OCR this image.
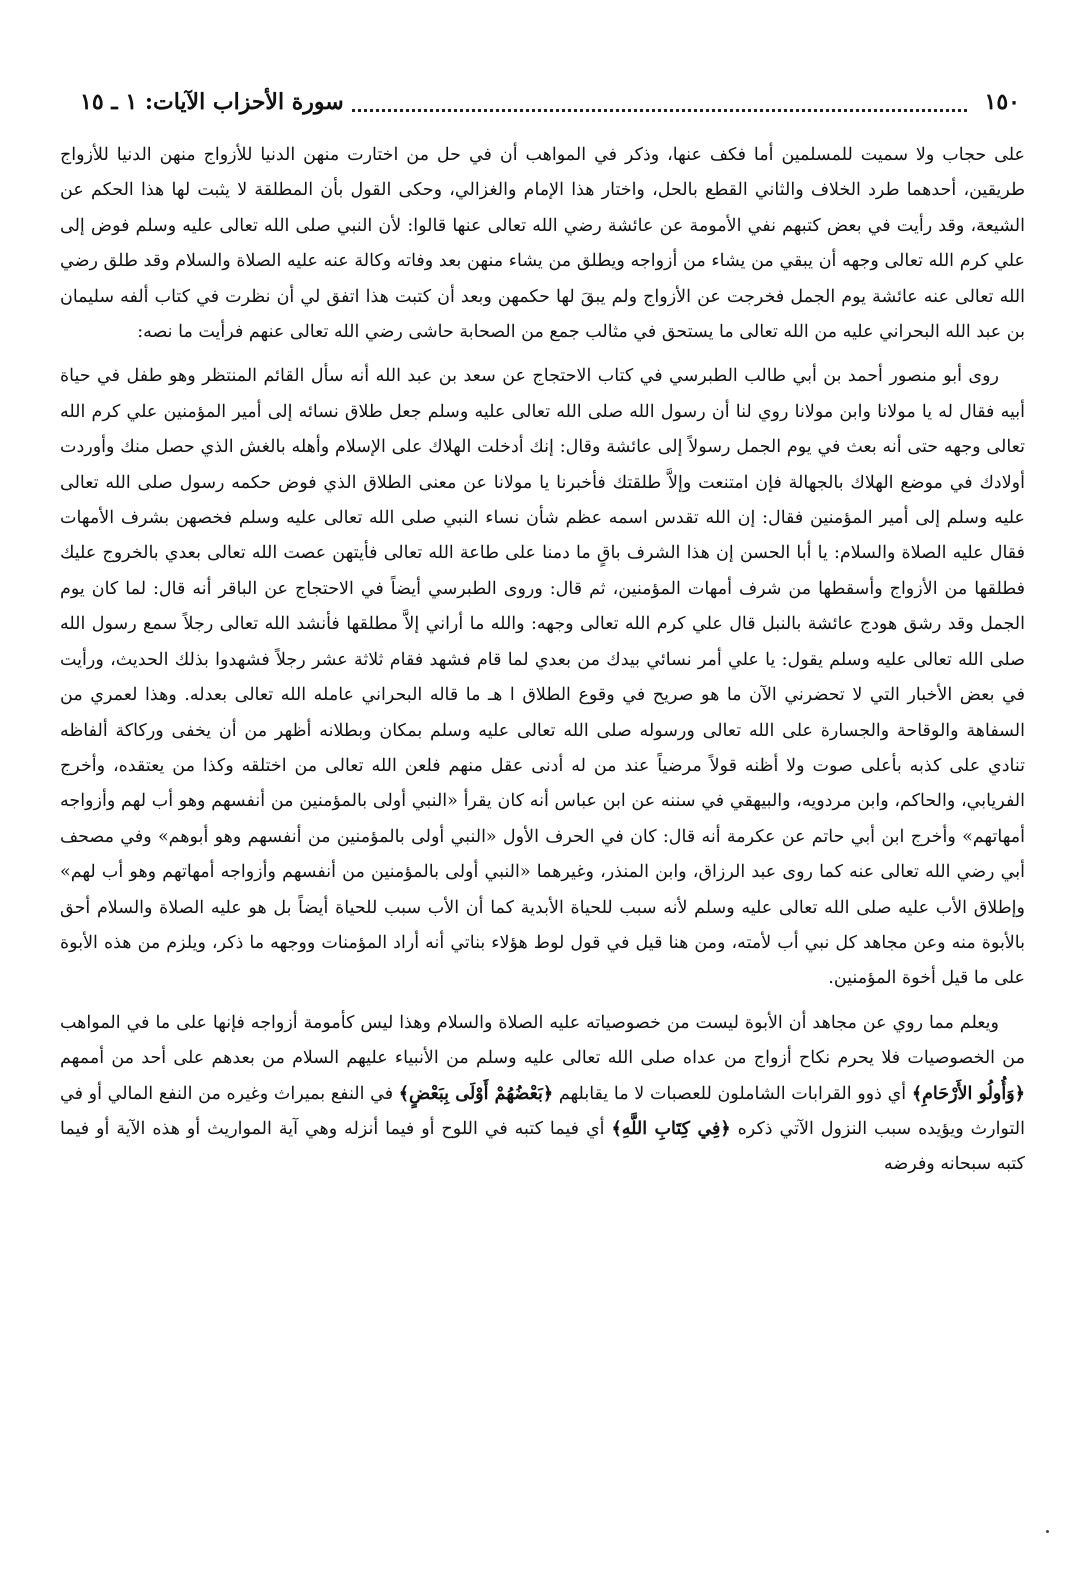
١٥٠
سورة الأحزاب الآيات: ١ ـ ١٥

على حجاب ولا سميت للمسلمين أما فكف عنها، وذكر في المواهب أن في حل من اختارت منهن الدنيا للأزواج منهن الدنيا للأزواج طريقين، أحدهما طرد الخلاف والثاني القطع بالحل، واختار هذا الإمام والغزالي، وحكى القول بأن المطلقة لا يثبت لها هذا الحكم عن الشيعة، وقد رأيت في بعض كتبهم نفي الأمومة عن عائشة رضي الله تعالى عنها قالوا: لأن النبي صلى الله تعالى عليه وسلم فوض إلى علي كرم الله تعالى وجهه أن يبقي من يشاء من أزواجه ويطلق من يشاء منهن بعد وفاته وكالة عنه عليه الصلاة والسلام وقد طلق رضي الله تعالى عنه عائشة يوم الجمل فخرجت عن الأزواج ولم يبقَ لها حكمهن وبعد أن كتبت هذا اتفق لي أن نظرت في كتاب ألفه سليمان بن عبد الله البحراني عليه من الله تعالى ما يستحق في مثالب جمع من الصحابة حاشى رضي الله تعالى عنهم فرأيت ما نصه:

روى أبو منصور أحمد بن أبي طالب الطبرسي في كتاب الاحتجاج عن سعد بن عبد الله أنه سأل القائم المنتظر وهو طفل في حياة أبيه فقال له يا مولانا وابن مولانا روي لنا أن رسول الله صلى الله تعالى عليه وسلم جعل طلاق نسائه إلى أمير المؤمنين علي كرم الله تعالى وجهه حتى أنه بعث في يوم الجمل رسولاً إلى عائشة وقال: إنك أدخلت الهلاك على الإسلام وأهله بالغش الذي حصل منك وأوردت أولادك في موضع الهلاك بالجهالة فإن امتنعت وإلاَّ طلقتك فأخبرنا يا مولانا عن معنى الطلاق الذي فوض حكمه رسول صلى الله تعالى عليه وسلم إلى أمير المؤمنين فقال: إن الله تقدس اسمه عظم شأن نساء النبي صلى الله تعالى عليه وسلم فخصهن بشرف الأمهات فقال عليه الصلاة والسلام: يا أبا الحسن إن هذا الشرف باقٍ ما دمنا على طاعة الله تعالى فأيتهن عصت الله تعالى بعدي بالخروج عليك فطلقها من الأزواج وأسقطها من شرف أمهات المؤمنين، ثم قال: وروى الطبرسي أيضاً في الاحتجاج عن الباقر أنه قال: لما كان يوم الجمل وقد رشق هودج عائشة بالنبل قال علي كرم الله تعالى وجهه: والله ما أراني إلاَّ مطلقها فأنشد الله تعالى رجلاً سمع رسول الله صلى الله تعالى عليه وسلم يقول: يا علي أمر نسائي بيدك من بعدي لما قام فشهد فقام ثلاثة عشر رجلاً فشهدوا بذلك الحديث، ورأيت في بعض الأخبار التي لا تحضرني الآن ما هو صريح في وقوع الطلاق ا هـ ما قاله البحراني عامله الله تعالى بعدله. وهذا لعمري من السفاهة والوقاحة والجسارة على الله تعالى ورسوله صلى الله تعالى عليه وسلم بمكان وبطلانه أظهر من أن يخفى وركاكة ألفاظه تنادي على كذبه بأعلى صوت ولا أظنه قولاً مرضياً عند من له أدنى عقل منهم فلعن الله تعالى من اختلقه وكذا من يعتقده، وأخرج الفريابي، والحاكم، وابن مردويه، والبيهقي في سننه عن ابن عباس أنه كان يقرأ «النبي أولى بالمؤمنين من أنفسهم وهو أب لهم وأزواجه أمهاتهم» وأخرج ابن أبي حاتم عن عكرمة أنه قال: كان في الحرف الأول «النبي أولى بالمؤمنين من أنفسهم وهو أبوهم» وفي مصحف أبي رضي الله تعالى عنه كما روى عبد الرزاق، وابن المنذر، وغيرهما «النبي أولى بالمؤمنين من أنفسهم وأزواجه أمهاتهم وهو أب لهم» وإطلاق الأب عليه صلى الله تعالى عليه وسلم لأنه سبب للحياة الأبدية كما أن الأب سبب للحياة أيضاً بل هو عليه الصلاة والسلام أحق بالأبوة منه وعن مجاهد كل نبي أب لأمته، ومن هنا قيل في قول لوط هؤلاء بناتي أنه أراد المؤمنات ووجهه ما ذكر، ويلزم من هذه الأبوة على ما قيل أخوة المؤمنين.

ويعلم مما روي عن مجاهد أن الأبوة ليست من خصوصياته عليه الصلاة والسلام وهذا ليس كأمومة أزواجه فإنها على ما في المواهب من الخصوصيات فلا يحرم نكاح أزواج من عداه صلى الله تعالى عليه وسلم من الأنبياء عليهم السلام من بعدهم على أحد من أممهم ﴿وَأُولُو الأَرْحَامِ﴾ أي ذوو القرابات الشاملون للعصبات لا ما يقابلهم ﴿بَعْضُهُمْ أَوْلَى بِبَعْضٍ﴾ في النفع بميراث وغيره من النفع المالي أو في التوارث ويؤيده سبب النزول الآتي ذكره ﴿فِي كِتَابِ اللَّهِ﴾ أي فيما كتبه في اللوح أو فيما أنزله وهي آية المواريث أو هذه الآية أو فيما كتبه سبحانه وفرضه
